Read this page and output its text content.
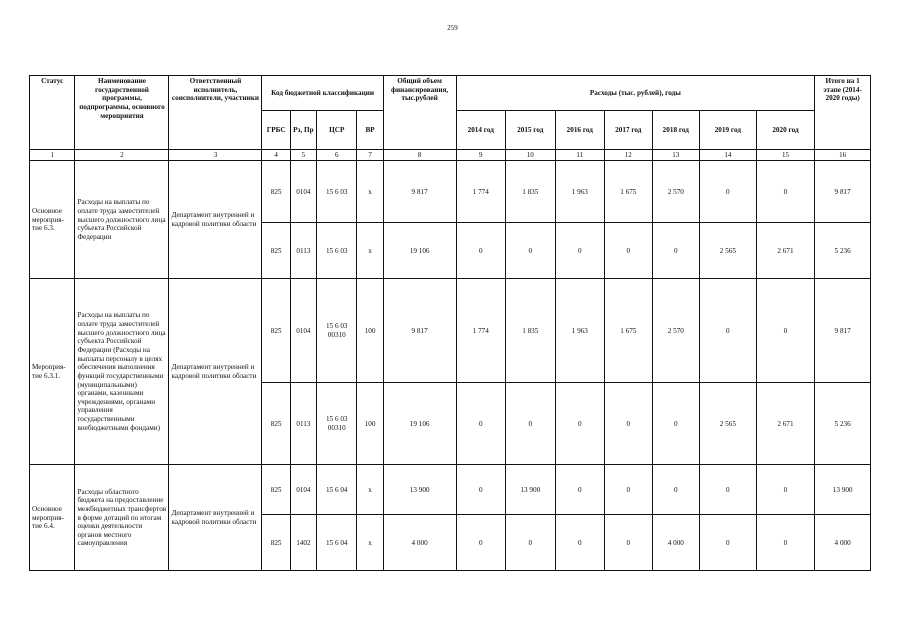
259
Статус	Наименование государственной программы, подпрограммы, основного мероприятия	Ответственный исполнитель, соисполнители, участники	Код бюджетной классификации				Общий объем финансирования, тыс.рублей	Расходы (тыс. рублей), годы							Итого на 1 этапе (2014-2020 годы)
			ГРБС	Рз, Пр	ЦСР	ВР		2014 год	2015 год	2016 год	2017 год	2018 год	2019 год	2020 год	
1	2	3	4	5	6	7	8	9	10	11	12	13	14	15	16
Основное мероприя-тие 6.3.	Расходы на выплаты по оплате труда заместителей высшего должностного лица субъекта Российской Федерации	Департамент внутренней и кадровой политики области	825	0104	15 6 03	х	9 817	1 774	1 835	1 963	1 675	2 570	0	0	9 817
			825	0113	15 6 03	х	19 106	0	0	0	0	0	2 565	2 671	5 236
Мероприя-тие 6.3.1.	Расходы на выплаты по оплате труда заместителей высшего должностного лица субъекта Российской Федерации (Расходы на выплаты персоналу в целях обеспечения выполнения функций государственными (муниципальными) органами, казенными учреждениями, органами управления государственными внебюджетными фондами)	Департамент внутренней и кадровой политики области	825	0104	15 6 03 00310	100	9 817	1 774	1 835	1 963	1 675	2 570	0	0	9 817
			825	0113	15 6 03 00310	100	19 106	0	0	0	0	0	2 565	2 671	5 236
Основное мероприя-тие 6.4.	Расходы областного бюджета на предоставление межбюджетных трансфертов в форме дотаций по итогам оценки деятельности органов местного самоуправления	Департамент внутренней и кадровой политики области	825	0104	15 6 04	х	13 900	0	13 900	0	0	0	0	0	13 900
			825	1402	15 6 04	х	4 000	0	0	0	0	4 000	0	0	4 000
